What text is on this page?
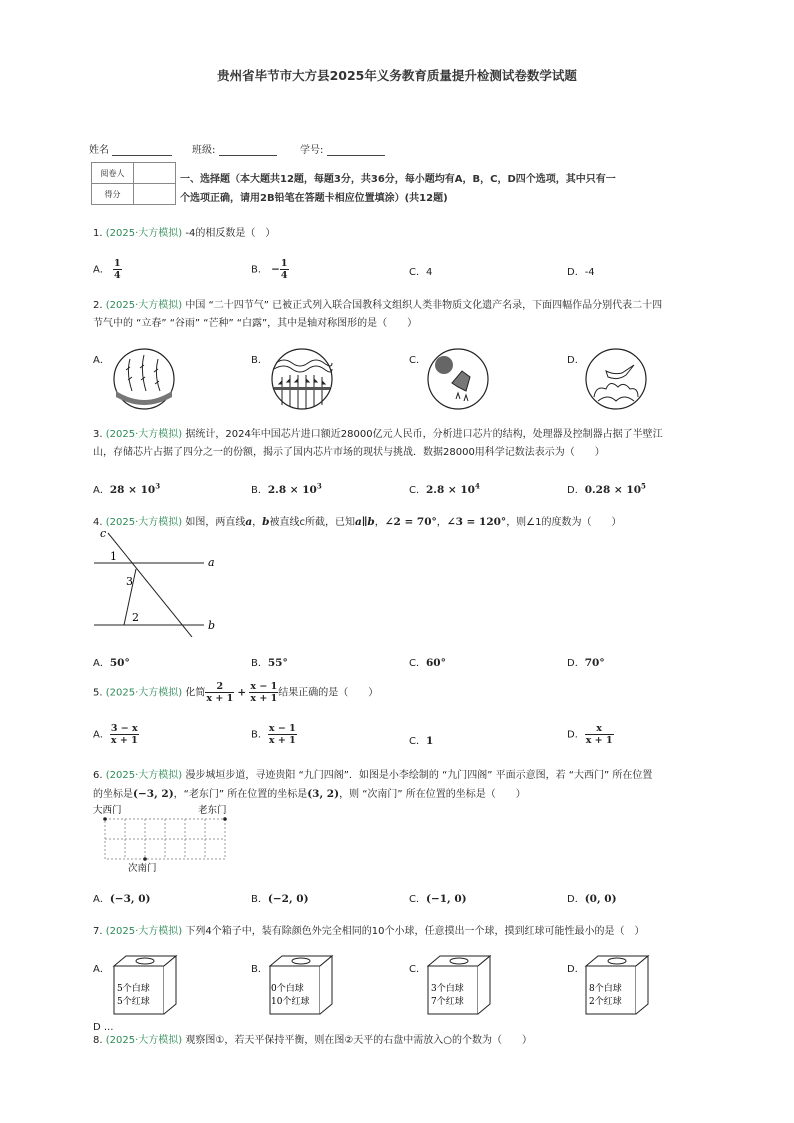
贵州省毕节市大方县2025年义务教育质量提升检测试卷数学试题
姓名	班级:	学号:
阅卷人	
得分	
一、选择题（本大题共12题，每题3分，共36分，每小题均有A，B，C，D四个选项，其中只有一
个选项正确，请用2B铅笔在答题卡相应位置填涂）(共12题)
1. (2025·大方模拟) -4的相反数是（　）
A． $\frac{1}{4}$	B． − $\frac{1}{4}$	C．4	D．-4
2. (2025·大方模拟) 中国 “二十四节气” 已被正式列入联合国教科文组织人类非物质文化遗产名录，下面四幅作品分别代表二十四
节气中的 “立春” “谷雨” “芒种” “白露”，其中是轴对称图形的是（　　）
A．	B．	C．	D．
3. (2025·大方模拟) 据统计，2024年中国芯片进口额近28000亿元人民币，分析进口芯片的结构，处理器及控制器占据了半壁江
山，存储芯片占据了四分之一的份额，揭示了国内芯片市场的现状与挑战．数据28000用科学记数法表示为（　　）
A．$28 \times 10^3$	B．$2.8 \times 10^3$	C．$2.8 \times 10^4$	D．$0.28 \times 10^5$
4. (2025·大方模拟) 如图，两直线a，b被直线c所截，已知a∥b，∠2 = 70°，∠3 = 120°，则∠1的度数为（　　）
c
1
3
2
a
b
A．50°	B．55°	C．60°	D．70°
5. (2025·大方模拟) 化简 $\frac{2}{x + 1} + \frac{x - 1}{x + 1}$ 结果正确的是（　　）
A． $\frac{3 - x}{x + 1}$	B． $\frac{x - 1}{x + 1}$	C．1	D． $\frac{x}{x + 1}$
6. (2025·大方模拟) 漫步城垣步道，寻迹贵阳 “九门四阁”．如图是小李绘制的 “九门四阁” 平面示意图，若 “大西门” 所在位置
的坐标是(−3, 2)，“老东门” 所在位置的坐标是(3, 2)，则 “次南门” 所在位置的坐标是（　　）
大西门	老东门
次南门
A．(−3, 0)	B．(−2, 0)	C．(−1, 0)	D．(0, 0)
7. (2025·大方模拟) 下列4个箱子中，装有除颜色外完全相同的10个小球，任意摸出一个球，摸到红球可能性最小的是（　）
A．
5个白球
5个红球
B．
0个白球
10个红球
C．
3个白球
7个红球
D．
8个白球
2个红球
D ...
8. (2025·大方模拟) 观察图①，若天平保持平衡，则在图②天平的右盘中需放入○的个数为（　　）
